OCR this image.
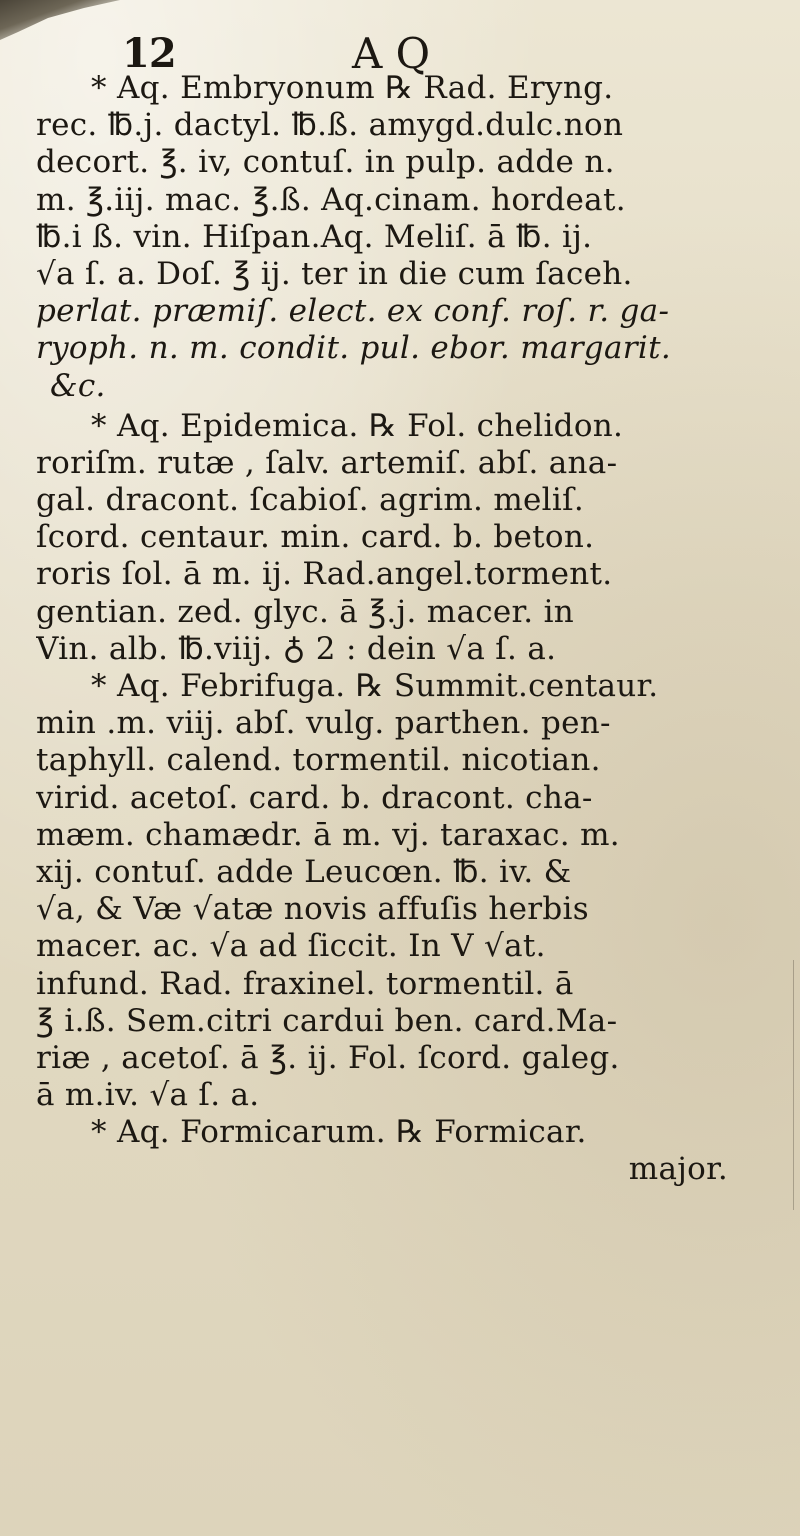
12	A Q
* Aq. Embryonum ℞ Rad. Eryng.
rec. ℔.j. dactyl. ℔.ß. amygd.dulc.non
decort. ℥. iv, contuſ. in pulp. adde n.
m. ℥.iij. mac. ℥.ß. Aq.cinam. hordeat.
℔.i ß. vin. Hiſpan.Aq. Meliſ. ā ℔. ij.
√a ſ. a. Doſ. ℥ ij. ter in die cum ſaceh.
perlat. præmiſ. elect. ex conf. roſ. r. ga-
ryoph. n. m. condit. pul. ebor. margarit.
&c.
* Aq. Epidemica. ℞ Fol. chelidon.
roriſm. rutæ , ſalv. artemiſ. abſ. ana-
gal. dracont. ſcabioſ. agrim. meliſ.
ſcord. centaur. min. card. b. beton.
roris ſol. ā m. ij. Rad.angel.torment.
gentian. zed. glyc. ā ℥.j. macer. in
Vin. alb. ℔.viij. ♁ 2 : dein √a ſ. a.
* Aq. Febrifuga. ℞ Summit.centaur.
min .m. viij. abſ. vulg. parthen. pen-
taphyll. calend. tormentil. nicotian.
virid. acetoſ. card. b. dracont. cha-
mæm. chamædr. ā m. vj. taraxac. m.
xij. contuſ. adde Leucœn. ℔. iv. &
√a, & Væ √atæ novis affuſis herbis
macer. ac. √a ad ſiccit. In V √at.
infund. Rad. fraxinel. tormentil. ā
℥ i.ß. Sem.citri cardui ben. card.Ma-
riæ , acetoſ. ā ℥. ij. Fol. ſcord. galeg.
ā m.iv. √a ſ. a.
* Aq. Formicarum. ℞ Formicar.
major.
